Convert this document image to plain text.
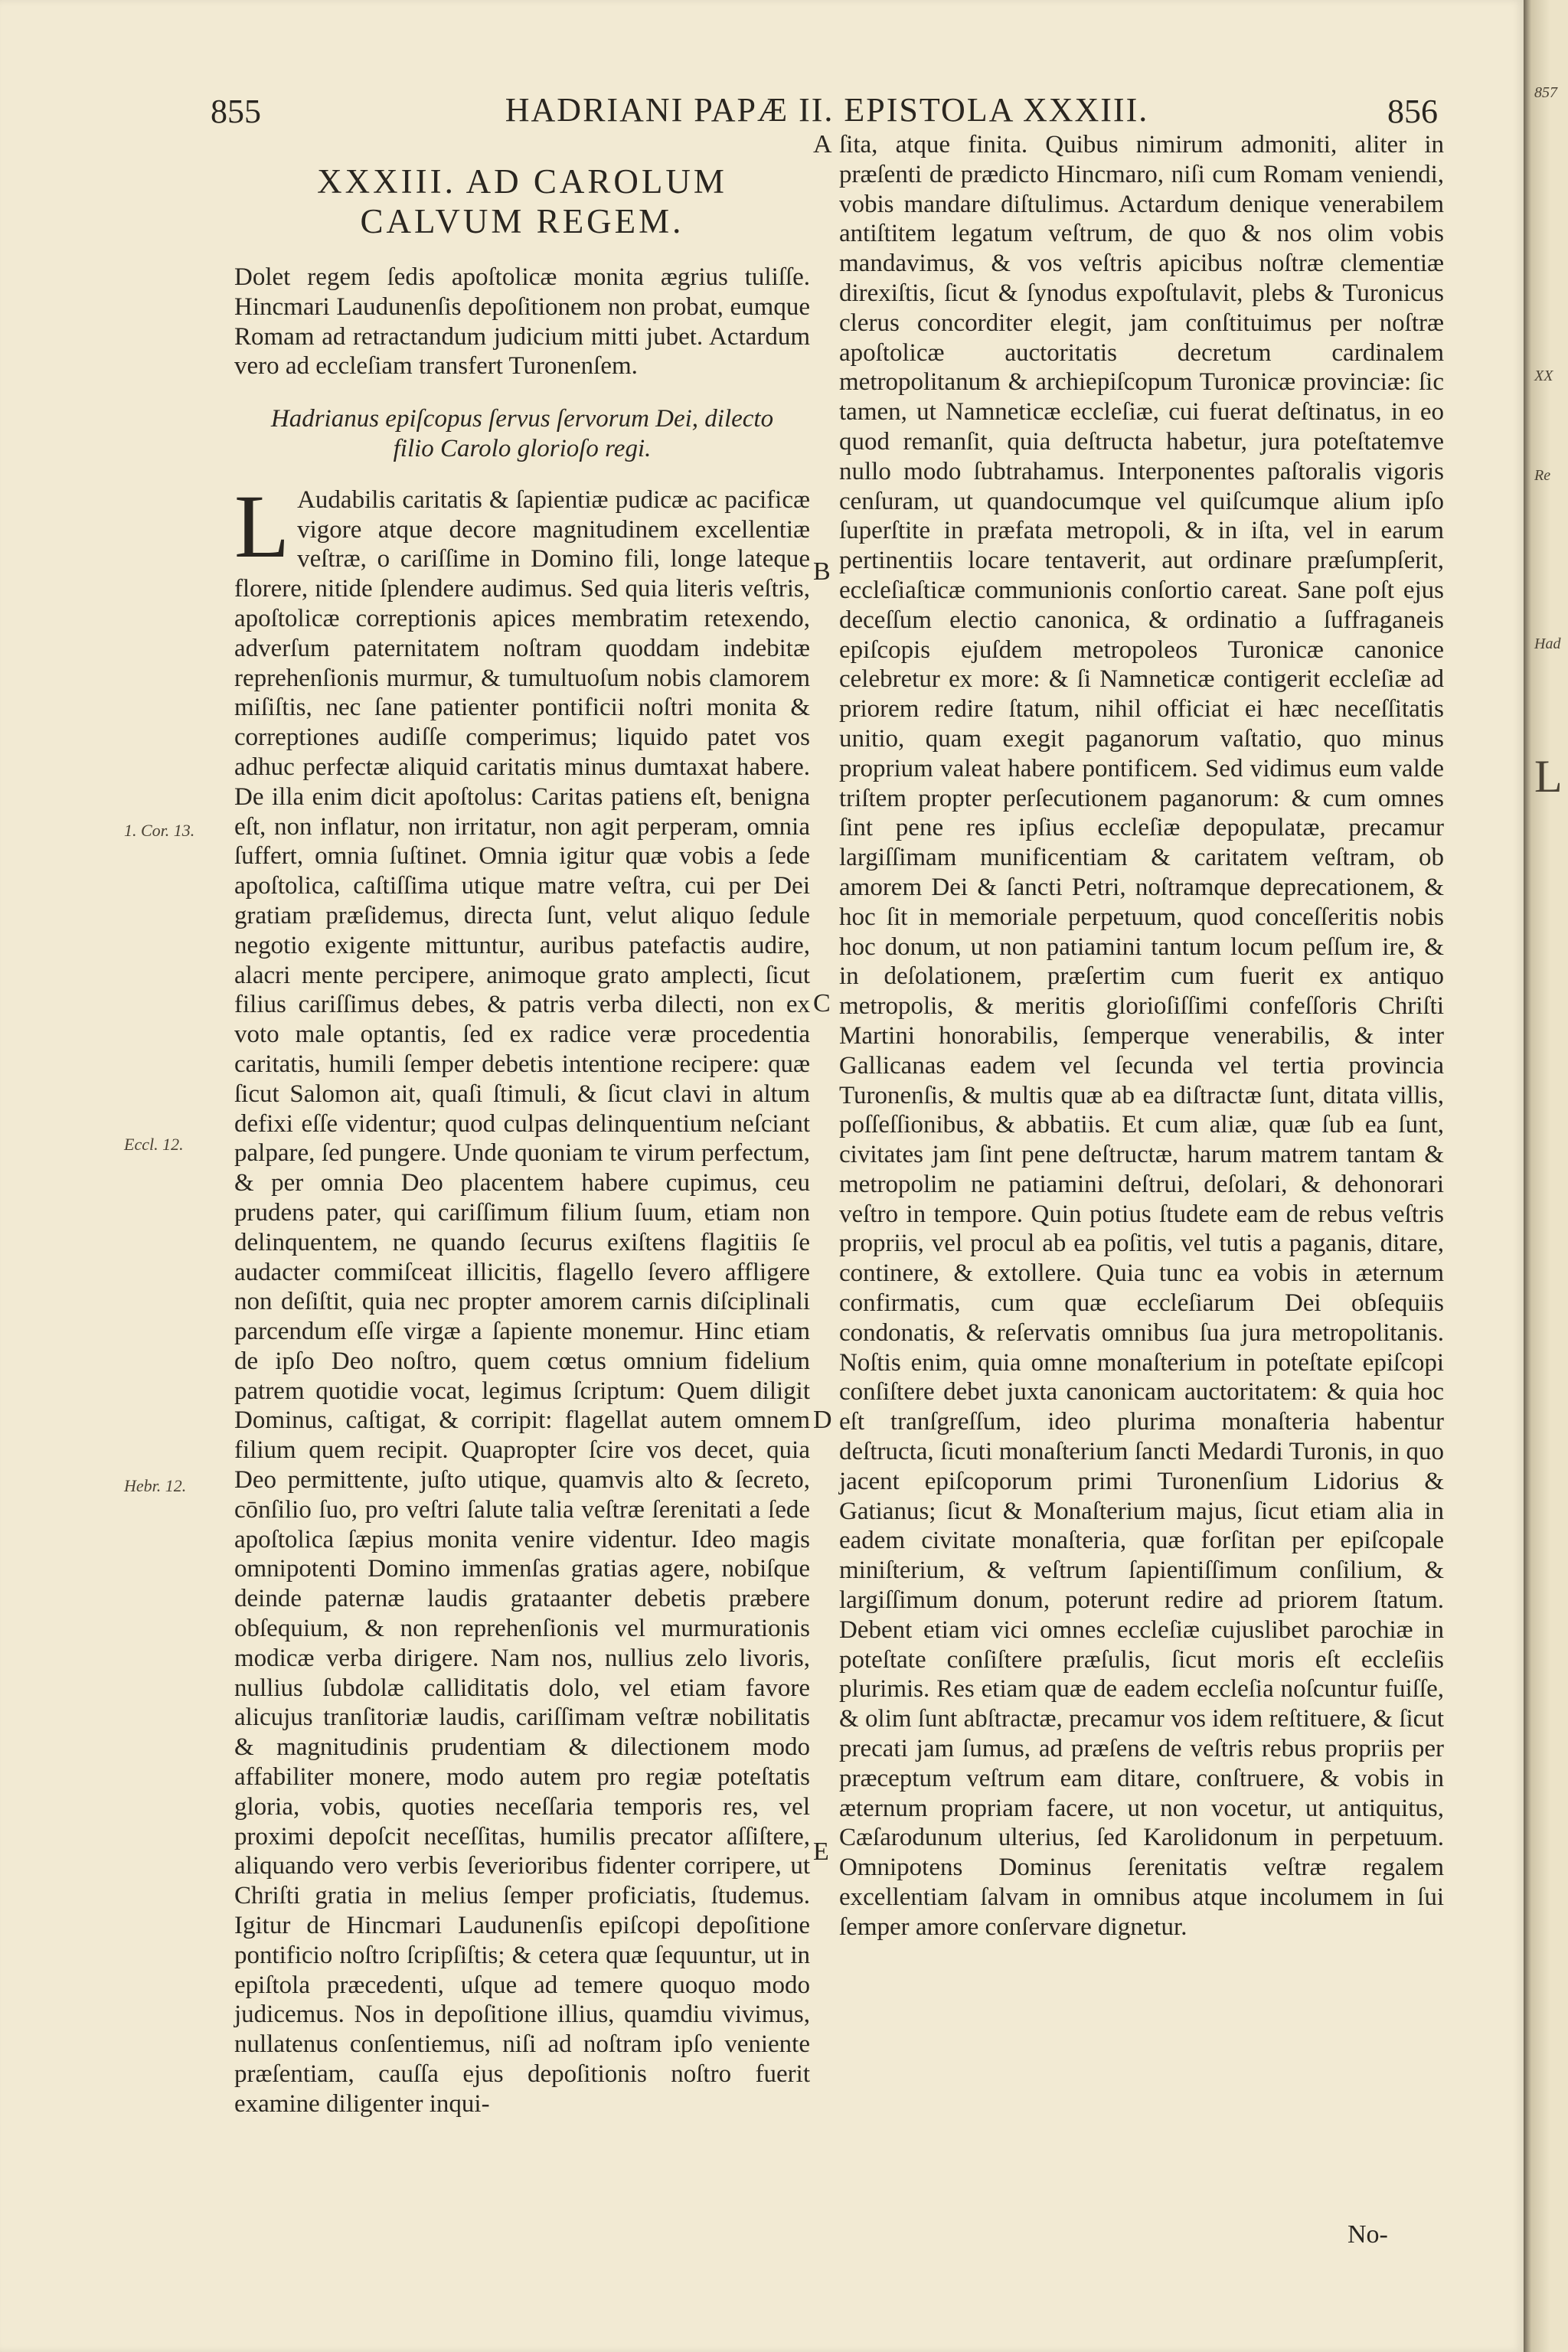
855	HADRIANI PAPÆ II. EPISTOLA XXXIII.	856

XXXIII. AD CAROLUM CALVUM REGEM.

Dolet regem ſedis apoſtolicæ monita ægrius tuliſſe. Hincmari Laudunenſis depoſitionem non probat, eumque Romam ad retractandum judicium mitti jubet. Actardum vero ad eccleſiam transfert Turonenſem.

Hadrianus epiſcopus ſervus ſervorum Dei, dilecto filio Carolo glorioſo regi.

L Audabilis caritatis & ſapientiæ pudicæ ac pacificæ vigore atque decore magnitudinem excellentiæ veſtræ, o cariſſime in Domino fili, longe lateque florere, nitide ſplendere audimus. Sed quia literis veſtris, apoſtolicæ correptionis apices membratim retexendo, adverſum paternitatem noſtram quoddam indebitæ reprehenſionis murmur, & tumultuoſum nobis clamorem miſiſtis, nec ſane patienter pontificii noſtri monita & correptiones audiſſe comperimus; liquido patet vos adhuc perfectæ aliquid caritatis minus dumtaxat habere. De illa enim dicit apoſtolus: Caritas patiens eſt, benigna eſt, non inflatur, non irritatur, non agit perperam, omnia ſuffert, omnia ſuſtinet. Omnia igitur quæ vobis a ſede apoſtolica, caſtiſſima utique matre veſtra, cui per Dei gratiam præſidemus, directa ſunt, velut aliquo ſedule negotio exigente mittuntur, auribus patefactis audire, alacri mente percipere, animoque grato amplecti, ſicut filius cariſſimus debes, & patris verba dilecti, non ex voto male optantis, ſed ex radice veræ procedentia caritatis, humili ſemper debetis intentione recipere: quæ ſicut Salomon ait, quaſi ſtimuli, & ſicut clavi in altum defixi eſſe videntur; quod culpas delinquentium neſciant palpare, ſed pungere. Unde quoniam te virum perfectum, & per omnia Deo placentem habere cupimus, ceu prudens pater, qui cariſſimum filium ſuum, etiam non delinquentem, ne quando ſecurus exiſtens flagitiis ſe audacter commiſceat illicitis, flagello ſevero affligere non deſiſtit, quia nec propter amorem carnis diſciplinali parcendum eſſe virgæ a ſapiente monemur. Hinc etiam de ipſo Deo noſtro, quem cœtus omnium fidelium patrem quotidie vocat, legimus ſcriptum: Quem diligit Dominus, caſtigat, & corripit: flagellat autem omnem filium quem recipit. Quapropter ſcire vos decet, quia Deo permittente, juſto utique, quamvis alto & ſecreto, cōnſilio ſuo, pro veſtri ſalute talia veſtræ ſerenitati a ſede apoſtolica ſæpius monita venire videntur. Ideo magis omnipotenti Domino immenſas gratias agere, nobiſque deinde paternæ laudis grataanter debetis præbere obſequium, & non reprehenſionis vel murmurationis modicæ verba dirigere. Nam nos, nullius zelo livoris, nullius ſubdolæ calliditatis dolo, vel etiam favore alicujus tranſitoriæ laudis, cariſſimam veſtræ nobilitatis & magnitudinis prudentiam & dilectionem modo affabiliter monere, modo autem pro regiæ poteſtatis gloria, vobis, quoties neceſſaria temporis res, vel proximi depoſcit neceſſitas, humilis precator aſſiſtere, aliquando vero verbis ſeverioribus fidenter corripere, ut Chriſti gratia in melius ſemper proficiatis, ſtudemus. Igitur de Hincmari Laudunenſis epiſcopi depoſitione pontificio noſtro ſcripſiſtis; & cetera quæ ſequuntur, ut in epiſtola præcedenti, uſque ad temere quoquo modo judicemus. Nos in depoſitione illius, quamdiu vivimus, nullatenus conſentiemus, niſi ad noſtram ipſo veniente præſentiam, cauſſa ejus depoſitionis noſtro fuerit examine diligenter inqui-

ſita, atque finita. Quibus nimirum admoniti, aliter in præſenti de prædicto Hincmaro, niſi cum Romam veniendi, vobis mandare diſtulimus. Actardum denique venerabilem antiſtitem legatum veſtrum, de quo & nos olim vobis mandavimus, & vos veſtris apicibus noſtræ clementiæ direxiſtis, ſicut & ſynodus expoſtulavit, plebs & Turonicus clerus concorditer elegit, jam conſtituimus per noſtræ apoſtolicæ auctoritatis decretum cardinalem metropolitanum & archiepiſcopum Turonicæ provinciæ: ſic tamen, ut Namneticæ eccleſiæ, cui fuerat deſtinatus, in eo quod remanſit, quia deſtructa habetur, jura poteſtatemve nullo modo ſubtrahamus. Interponentes paſtoralis vigoris cenſuram, ut quandocumque vel quiſcumque alium ipſo ſuperſtite in præfata metropoli, & in iſta, vel in earum pertinentiis locare tentaverit, aut ordinare præſumpſerit, eccleſiaſticæ communionis conſortio careat. Sane poſt ejus deceſſum electio canonica, & ordinatio a ſuffraganeis epiſcopis ejuſdem metropoleos Turonicæ canonice celebretur ex more: & ſi Namneticæ contigerit eccleſiæ ad priorem redire ſtatum, nihil officiat ei hæc neceſſitatis unitio, quam exegit paganorum vaſtatio, quo minus proprium valeat habere pontificem. Sed vidimus eum valde triſtem propter perſecutionem paganorum: & cum omnes ſint pene res ipſius eccleſiæ depopulatæ, precamur largiſſimam munificentiam & caritatem veſtram, ob amorem Dei & ſancti Petri, noſtramque deprecationem, & hoc ſit in memoriale perpetuum, quod conceſſeritis nobis hoc donum, ut non patiamini tantum locum peſſum ire, & in deſolationem, præſertim cum fuerit ex antiquo metropolis, & meritis glorioſiſſimi confeſſoris Chriſti Martini honorabilis, ſemperque venerabilis, & inter Gallicanas eadem vel ſecunda vel tertia provincia Turonenſis, & multis quæ ab ea diſtractæ ſunt, ditata villis, poſſeſſionibus, & abbatiis. Et cum aliæ, quæ ſub ea ſunt, civitates jam ſint pene deſtructæ, harum matrem tantam & metropolim ne patiamini deſtrui, deſolari, & dehonorari veſtro in tempore. Quin potius ſtudete eam de rebus veſtris propriis, vel procul ab ea poſitis, vel tutis a paganis, ditare, continere, & extollere. Quia tunc ea vobis in æternum confirmatis, cum quæ eccleſiarum Dei obſequiis condonatis, & reſervatis omnibus ſua jura metropolitanis. Noſtis enim, quia omne monaſterium in poteſtate epiſcopi conſiſtere debet juxta canonicam auctoritatem: & quia hoc eſt tranſgreſſum, ideo plurima monaſteria habentur deſtructa, ſicuti monaſterium ſancti Medardi Turonis, in quo jacent epiſcoporum primi Turonenſium Lidorius & Gatianus; ſicut & Monaſterium majus, ſicut etiam alia in eadem civitate monaſteria, quæ forſitan per epiſcopale miniſterium, & veſtrum ſapientiſſimum conſilium, & largiſſimum donum, poterunt redire ad priorem ſtatum. Debent etiam vici omnes eccleſiæ cujuslibet parochiæ in poteſtate conſiſtere præſulis, ſicut moris eſt eccleſiis plurimis. Res etiam quæ de eadem eccleſia noſcuntur fuiſſe, & olim ſunt abſtractæ, precamur vos idem reſtituere, & ſicut precati jam ſumus, ad præſens de veſtris rebus propriis per præceptum veſtrum eam ditare, conſtruere, & vobis in æternum propriam facere, ut non vocetur, ut antiquitus, Cæſarodunum ulterius, ſed Karolidonum in perpetuum. Omnipotens Dominus ſerenitatis veſtræ regalem excellentiam ſalvam in omnibus atque incolumem in ſui ſemper amore conſervare dignetur.

1. Cor. 13.
Eccl. 12.
Hebr. 12.
A
B
C
D
E
No-
857
XX
Re
Had
L
